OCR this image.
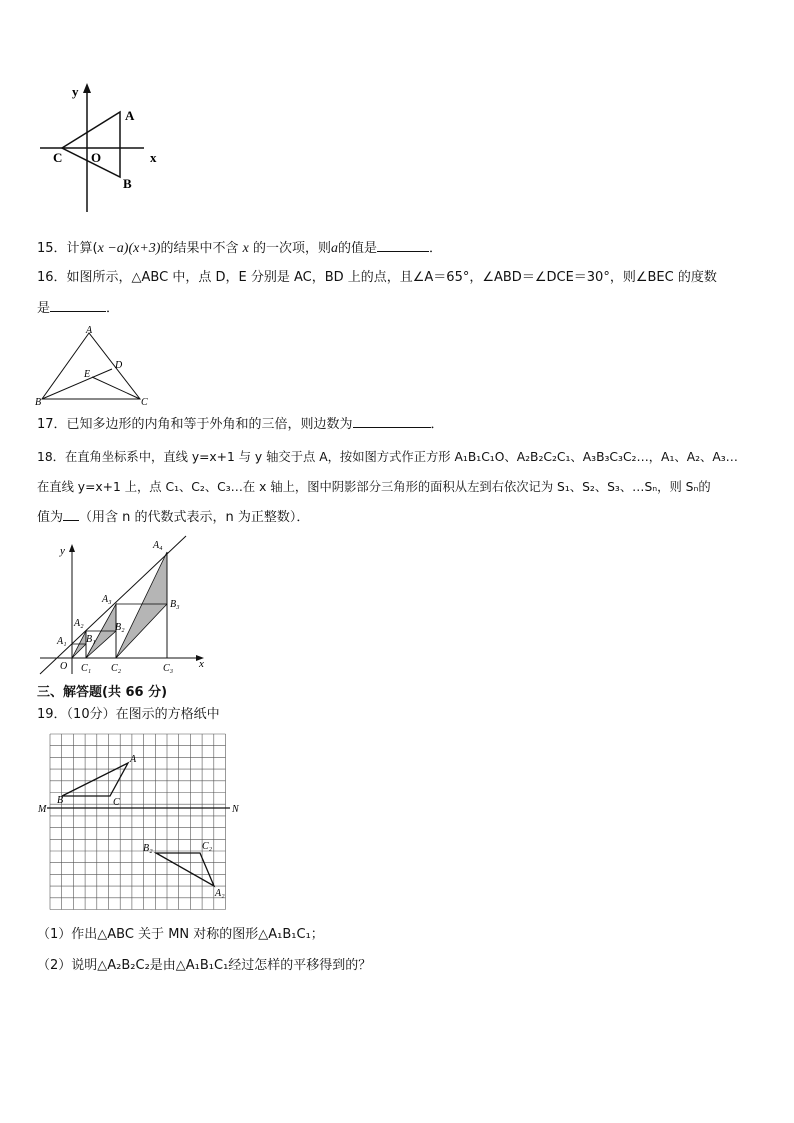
y
A
C O	x
B
15．计算(x −a)(x+3)的结果中不含 x 的一次项，则a的值是	．
16．如图所示，△ABC 中，点 D，E 分别是 AC，BD 上的点，且∠A＝65°，∠ABD＝∠DCE＝30°，则∠BEC 的度数
是	．
A
D
E
B	C
17．已知多边形的内角和等于外角和的三倍，则边数为	．
18．在直角坐标系中，直线 y=x+1 与 y 轴交于点 A，按如图方式作正方形 A₁B₁C₁O、A₂B₂C₂C₁、A₃B₃C₃C₂…，A₁、A₂、A₃…
在直线 y=x+1 上，点 C₁、C₂、C₃…在 x 轴上，图中阴影部分三角形的面积从左到右依次记为 S₁、S₂、S₃、…Sₙ，则 Sₙ的
值为 （用含 n 的代数式表示，n 为正整数）．
y
x
O
A₁
A₂
A₃
A₄
B₁
B₂
B₃
C₁ C₂	C₃
三、解答题(共 66 分)
19．（10分）在图示的方格纸中
M	N
A
B	C
B₂	C₂
A₂
（1）作出△ABC 关于 MN 对称的图形△A₁B₁C₁；
（2）说明△A₂B₂C₂是由△A₁B₁C₁经过怎样的平移得到的？
